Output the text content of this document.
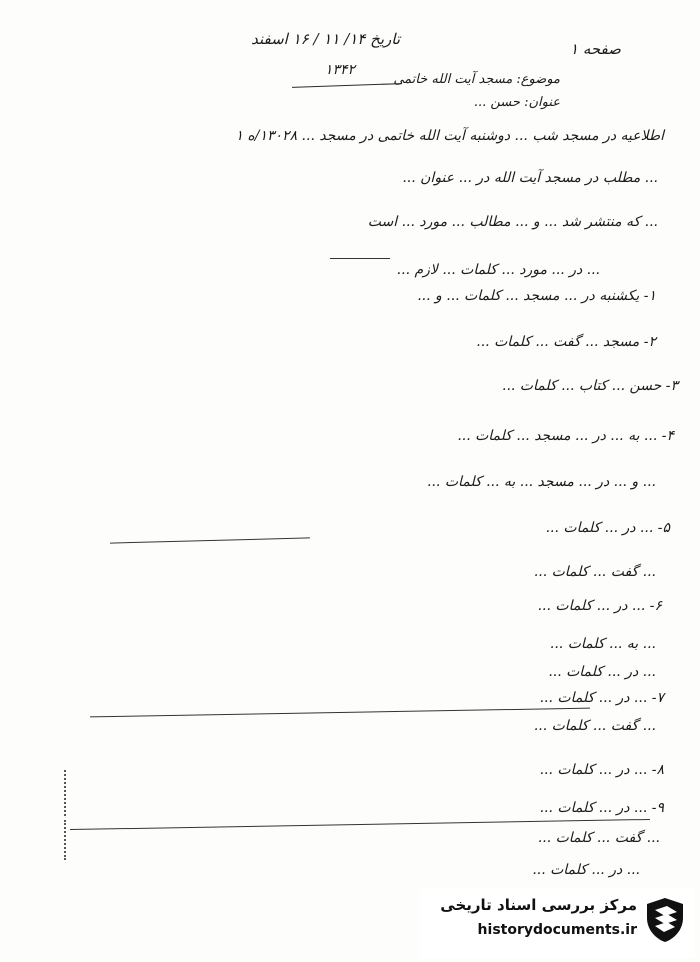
تاریخ ۱۴/ ۱۱ / ۱۶ اسفند
۱۳۴۲
صفحه ۱
موضوع: مسجد آیت الله خاتمی
عنوان: حسن ...
اطلاعیه در مسجد شب ... دوشنبه آیت الله خاتمی در مسجد ... ۱۳۰۲۸/ه ۱
... مطلب در مسجد آیت الله در ... عنوان ...
... که منتشر شد ... و ... مطالب ... مورد ... است
... در ... مورد ... کلمات ... لازم ...
۱- یکشنبه در ... مسجد ... کلمات ... و ...
۲- مسجد ... گفت ... کلمات ...
۳- حسن ... کتاب ... کلمات ...
۴- ... به ... در ... مسجد ... کلمات ...
... و ... در ... مسجد ... به ... کلمات ...
۵- ... در ... کلمات ...
... گفت ... کلمات ...
۶- ... در ... کلمات ...
... به ... کلمات ...
... در ... کلمات ...
۷- ... در ... کلمات ...
... گفت ... کلمات ...
۸- ... در ... کلمات ...
۹- ... در ... کلمات ...
... گفت ... کلمات ...
... در ... کلمات ...
مرکز بررسی اسناد تاریخی
historydocuments.ir
